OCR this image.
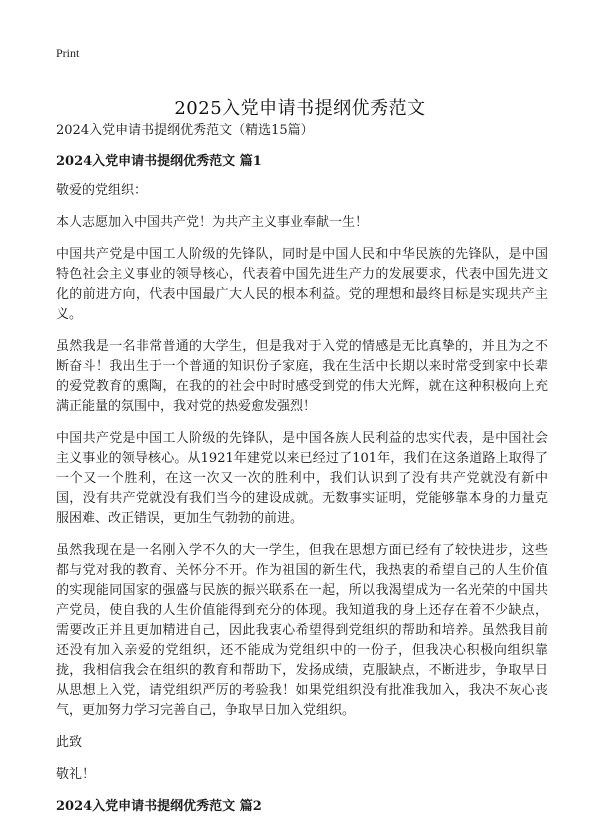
Print
2025入党申请书提纲优秀范文

2024入党申请书提纲优秀范文（精选15篇）

2024入党申请书提纲优秀范文 篇1

敬爱的党组织：

本人志愿加入中国共产党！为共产主义事业奉献一生！

中国共产党是中国工人阶级的先锋队，同时是中国人民和中华民族的先锋队，是中国特色社会主义事业的领导核心，代表着中国先进生产力的发展要求，代表中国先进文化的前进方向，代表中国最广大人民的根本利益。党的理想和最终目标是实现共产主义。

虽然我是一名非常普通的大学生，但是我对于入党的情感是无比真挚的，并且为之不断奋斗！我出生于一个普通的知识份子家庭，我在生活中长期以来时常受到家中长辈的爱党教育的熏陶，在我的的社会中时时感受到党的伟大光辉，就在这种积极向上充满正能量的氛围中，我对党的热爱愈发强烈！

中国共产党是中国工人阶级的先锋队，是中国各族人民利益的忠实代表，是中国社会主义事业的领导核心。从1921年建党以来已经过了101年，我们在这条道路上取得了一个又一个胜利，在这一次又一次的胜利中，我们认识到了没有共产党就没有新中国，没有共产党就没有我们当今的建设成就。无数事实证明，党能够靠本身的力量克服困难、改正错误，更加生气勃勃的前进。

虽然我现在是一名刚入学不久的大一学生，但我在思想方面已经有了较快进步，这些都与党对我的教育、关怀分不开。作为祖国的新生代，我热衷的希望自己的人生价值的实现能同国家的强盛与民族的振兴联系在一起，所以我渴望成为一名光荣的中国共产党员，使自我的人生价值能得到充分的体现。我知道我的身上还存在着不少缺点，需要改正并且更加精进自己，因此我衷心希望得到党组织的帮助和培养。虽然我目前还没有加入亲爱的党组织，还不能成为党组织中的一份子，但我决心积极向组织靠拢，我相信我会在组织的教育和帮助下，发扬成绩，克服缺点，不断进步，争取早日从思想上入党，请党组织严厉的考验我！如果党组织没有批准我加入，我决不灰心丧气，更加努力学习完善自己，争取早日加入党组织。

此致

敬礼！

2024入党申请书提纲优秀范文 篇2
